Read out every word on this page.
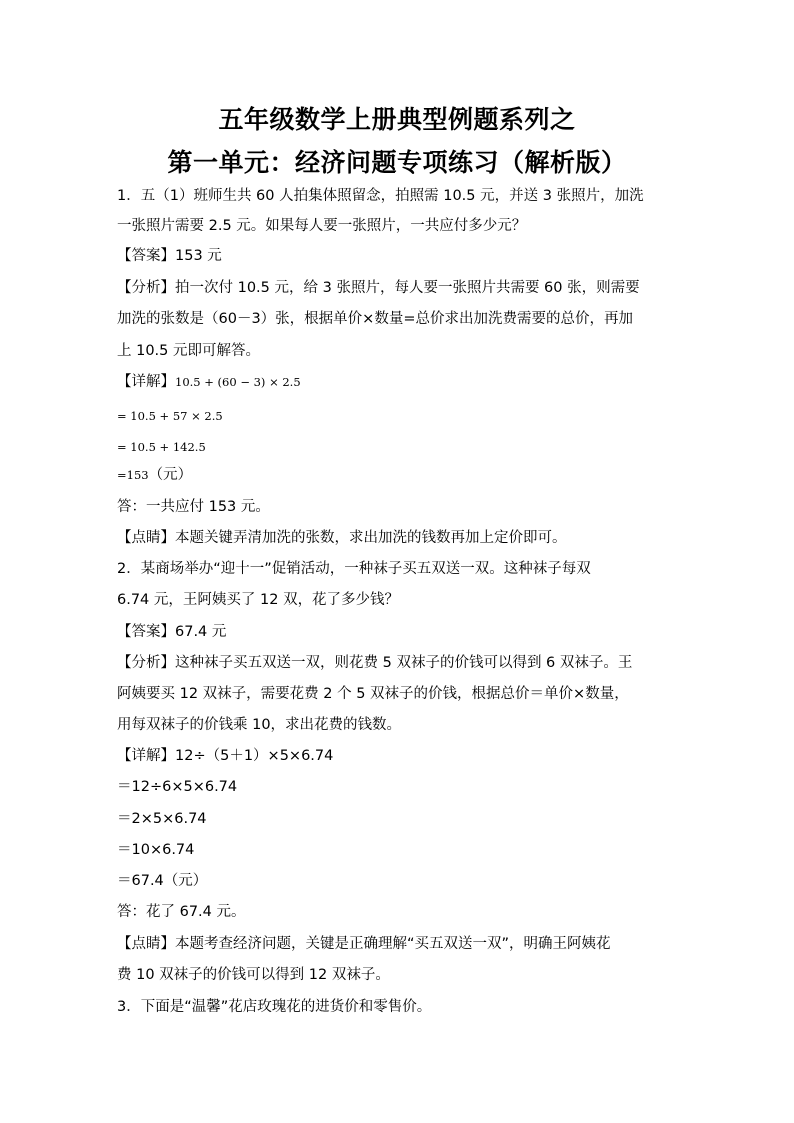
五年级数学上册典型例题系列之
第一单元：经济问题专项练习（解析版）
1．五（1）班师生共 60 人拍集体照留念，拍照需 10.5 元，并送 3 张照片，加洗
一张照片需要 2.5 元。如果每人要一张照片，一共应付多少元？
【答案】153 元
【分析】拍一次付 10.5 元，给 3 张照片，每人要一张照片共需要 60 张，则需要
加洗的张数是（60－3）张，根据单价×数量=总价求出加洗费需要的总价，再加
上 10.5 元即可解答。
【详解】10.5 + (60 − 3) × 2.5
= 10.5 + 57 × 2.5
= 10.5 + 142.5
=153（元）
答：一共应付 153 元。
【点睛】本题关键弄清加洗的张数，求出加洗的钱数再加上定价即可。
2．某商场举办“迎十一”促销活动，一种袜子买五双送一双。这种袜子每双
6.74 元，王阿姨买了 12 双，花了多少钱？
【答案】67.4 元
【分析】这种袜子买五双送一双，则花费 5 双袜子的价钱可以得到 6 双袜子。王
阿姨要买 12 双袜子，需要花费 2 个 5 双袜子的价钱，根据总价＝单价×数量，
用每双袜子的价钱乘 10，求出花费的钱数。
【详解】12÷（5＋1）×5×6.74
＝12÷6×5×6.74
＝2×5×6.74
＝10×6.74
＝67.4（元）
答：花了 67.4 元。
【点睛】本题考查经济问题，关键是正确理解“买五双送一双”，明确王阿姨花
费 10 双袜子的价钱可以得到 12 双袜子。
3．下面是“温馨”花店玫瑰花的进货价和零售价。
